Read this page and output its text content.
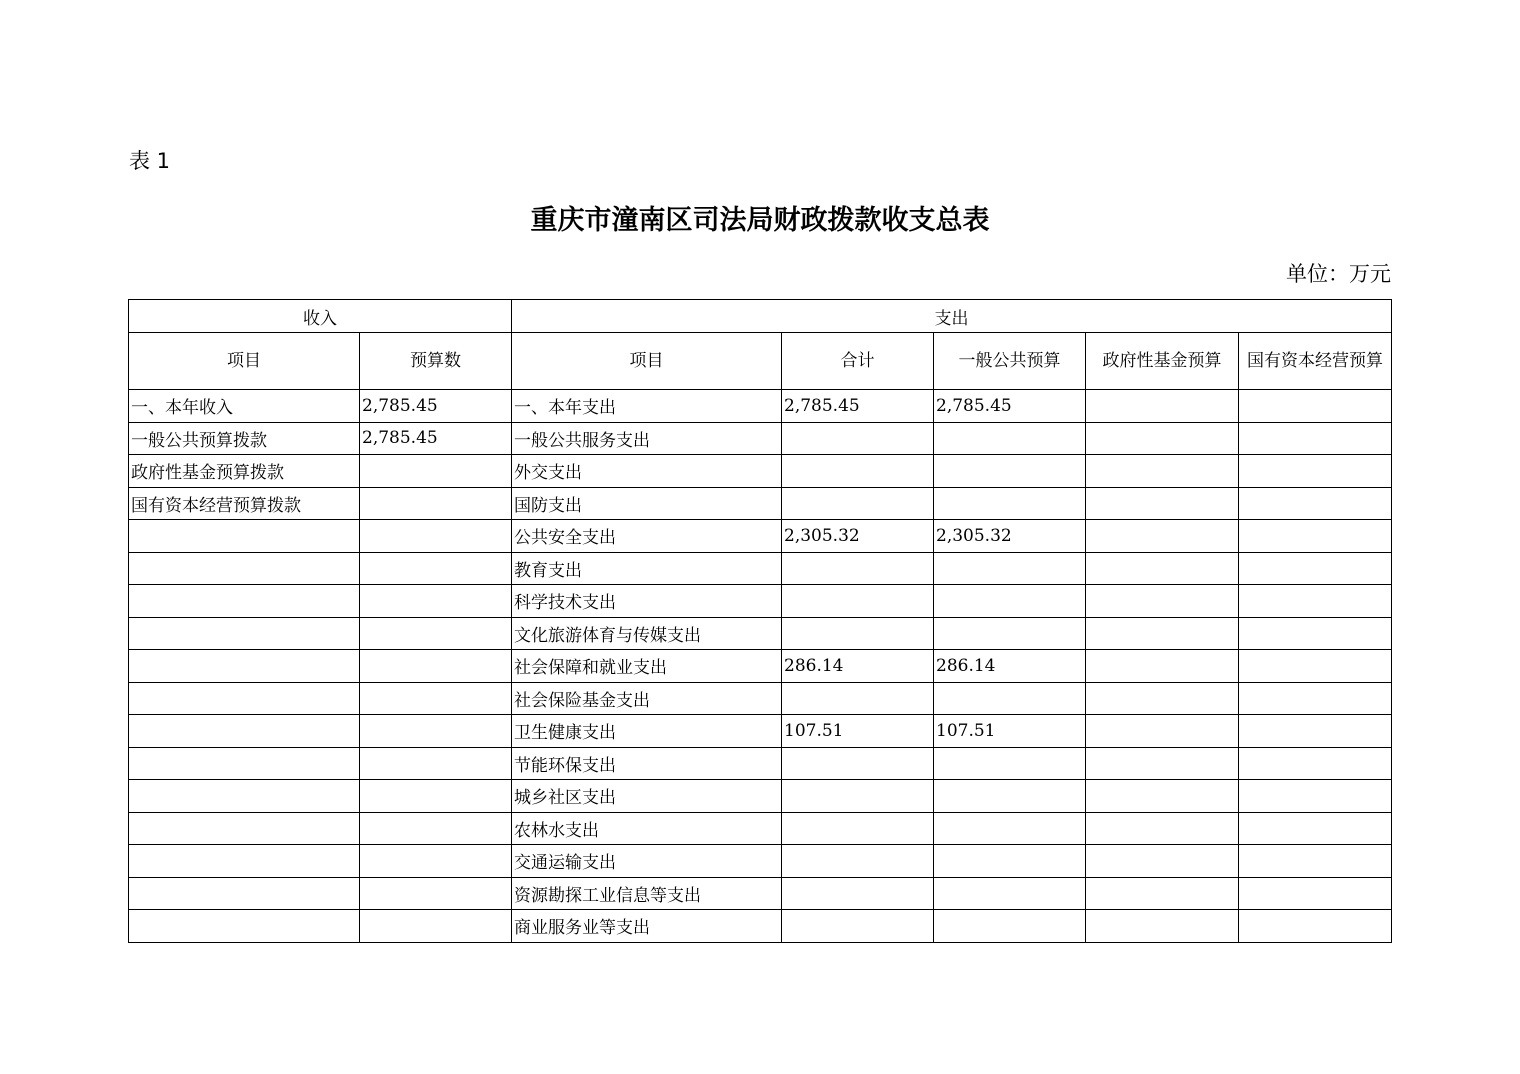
表 1
重庆市潼南区司法局财政拨款收支总表
单位：万元
收入		支出				
项目	预算数	项目	合计	一般公共预算	政府性基金预算	国有资本经营预算
一、本年收入	2,785.45	一、本年支出	2,785.45	2,785.45		
一般公共预算拨款	2,785.45	一般公共服务支出				
政府性基金预算拨款		外交支出				
国有资本经营预算拨款		国防支出				
		公共安全支出	2,305.32	2,305.32		
		教育支出				
		科学技术支出				
		文化旅游体育与传媒支出				
		社会保障和就业支出	286.14	286.14		
		社会保险基金支出				
		卫生健康支出	107.51	107.51		
		节能环保支出				
		城乡社区支出				
		农林水支出				
		交通运输支出				
		资源勘探工业信息等支出				
		商业服务业等支出				
